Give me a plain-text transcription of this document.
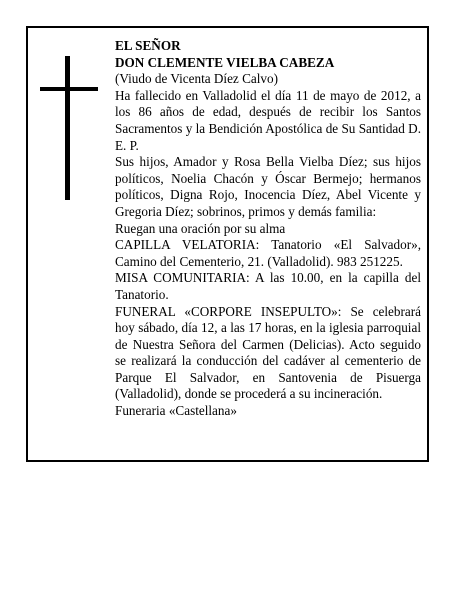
EL SEÑOR

DON CLEMENTE VIELBA CABEZA

(Viudo de Vicenta Díez Calvo)

Ha fallecido en Valladolid el día 11 de mayo de 2012, a los 86 años de edad, después de recibir los Santos Sacramentos y la Bendición Apostólica de Su Santidad D. E. P.

Sus hijos, Amador y Rosa Bella Vielba Díez; sus hijos políticos, Noelia Chacón y Óscar Bermejo; hermanos políticos, Digna Rojo, Inocencia Díez, Abel Vicente y Gregoria Díez; sobrinos, primos y demás familia:

Ruegan una oración por su alma

CAPILLA VELATORIA: Tanatorio «El Salvador», Camino del Cementerio, 21. (Valladolid). 983 251225.

MISA COMUNITARIA: A las 10.00, en la capilla del Tanatorio.

FUNERAL «CORPORE INSEPULTO»: Se celebrará hoy sábado, día 12, a las 17 horas, en la iglesia parroquial de Nuestra Señora del Carmen (Delicias). Acto seguido se realizará la conducción del cadáver al cementerio de Parque El Salvador, en Santovenia de Pisuerga (Valladolid), donde se procederá a su incineración.

Funeraria «Castellana»
